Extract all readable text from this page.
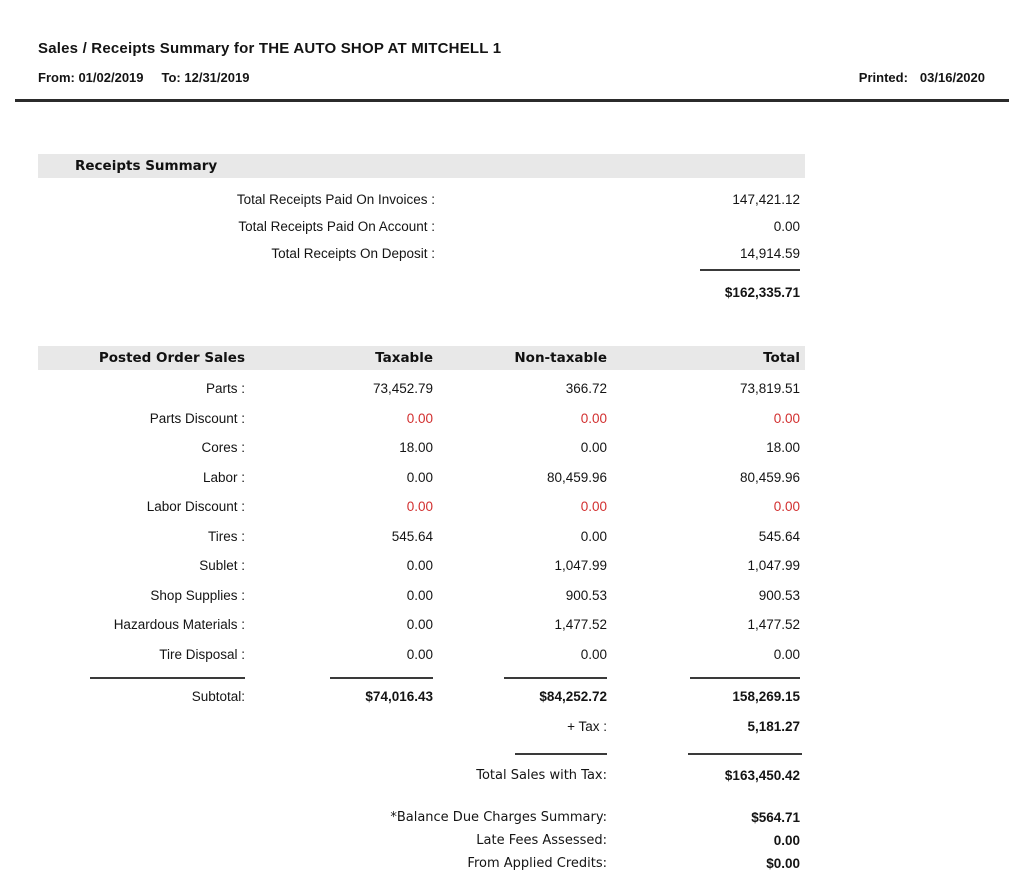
Sales / Receipts Summary for THE AUTO SHOP AT MITCHELL 1
From: 01/02/2019 To: 12/31/2019	Printed: 03/16/2020
Receipts Summary
Total Receipts Paid On Invoices :	147,421.12
Total Receipts Paid On Account :	0.00
Total Receipts On Deposit :	14,914.59
$162,335.71
Posted Order Sales	Taxable	Non-taxable	Total
Parts :	73,452.79	366.72	73,819.51
Parts Discount :	0.00	0.00	0.00
Cores :	18.00	0.00	18.00
Labor :	0.00	80,459.96	80,459.96
Labor Discount :	0.00	0.00	0.00
Tires :	545.64	0.00	545.64
Sublet :	0.00	1,047.99	1,047.99
Shop Supplies :	0.00	900.53	900.53
Hazardous Materials :	0.00	1,477.52	1,477.52
Tire Disposal :	0.00	0.00	0.00
Subtotal:	$74,016.43	$84,252.72	158,269.15
+ Tax :	5,181.27
Total Sales with Tax:	$163,450.42
*Balance Due Charges Summary:	$564.71
Late Fees Assessed:	0.00
From Applied Credits:	$0.00
